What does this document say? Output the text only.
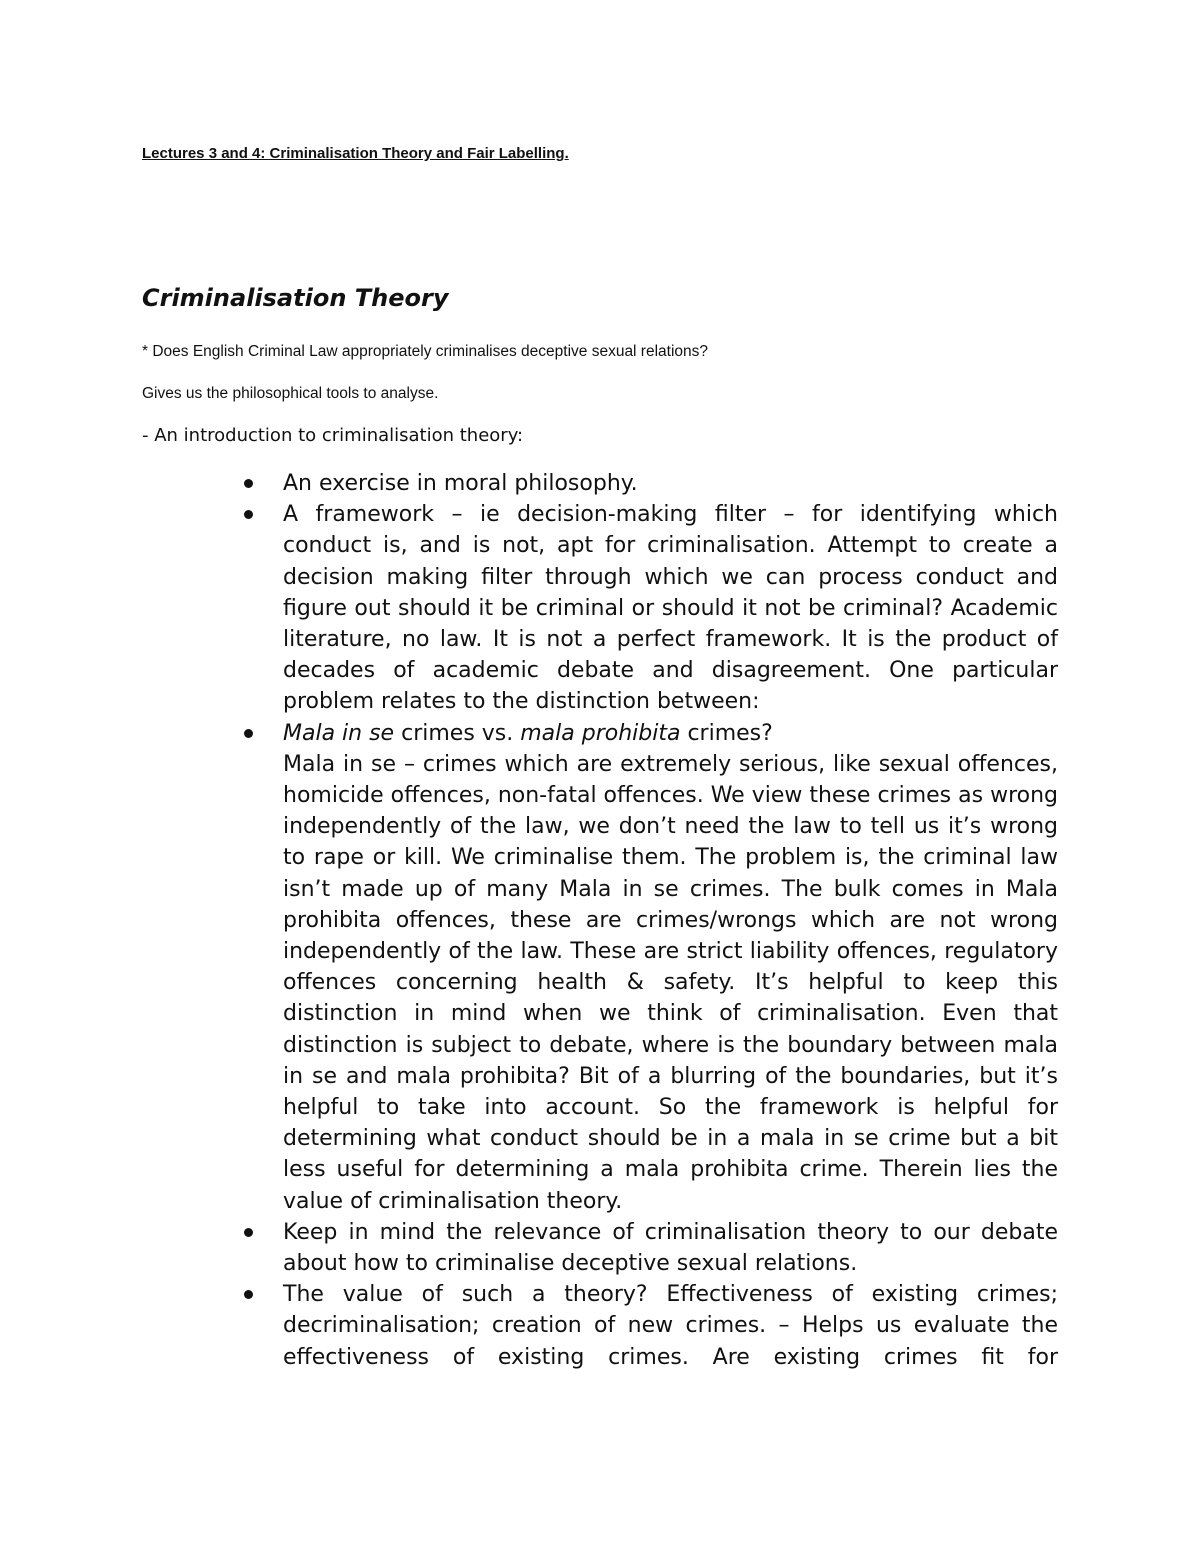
Lectures 3 and 4: Criminalisation Theory and Fair Labelling.

Criminalisation Theory

* Does English Criminal Law appropriately criminalises deceptive sexual relations?

Gives us the philosophical tools to analyse.

- An introduction to criminalisation theory:

An exercise in moral philosophy.
A framework – ie decision-making filter – for identifying which conduct is, and is not, apt for criminalisation. Attempt to create a decision making filter through which we can process conduct and figure out should it be criminal or should it not be criminal? Academic literature, no law. It is not a perfect framework. It is the product of decades of academic debate and disagreement. One particular problem relates to the distinction between:
Mala in se crimes vs. mala prohibita crimes?
Mala in se – crimes which are extremely serious, like sexual offences, homicide offences, non-fatal offences. We view these crimes as wrong independently of the law, we don’t need the law to tell us it’s wrong to rape or kill. We criminalise them. The problem is, the criminal law isn’t made up of many Mala in se crimes. The bulk comes in Mala prohibita offences, these are crimes/wrongs which are not wrong independently of the law. These are strict liability offences, regulatory offences concerning health & safety. It’s helpful to keep this distinction in mind when we think of criminalisation. Even that distinction is subject to debate, where is the boundary between mala in se and mala prohibita? Bit of a blurring of the boundaries, but it’s helpful to take into account. So the framework is helpful for determining what conduct should be in a mala in se crime but a bit less useful for determining a mala prohibita crime. Therein lies the value of criminalisation theory.
Keep in mind the relevance of criminalisation theory to our debate about how to criminalise deceptive sexual relations.
The value of such a theory? Effectiveness of existing crimes; decriminalisation; creation of new crimes. – Helps us evaluate the effectiveness of existing crimes. Are existing crimes fit for
